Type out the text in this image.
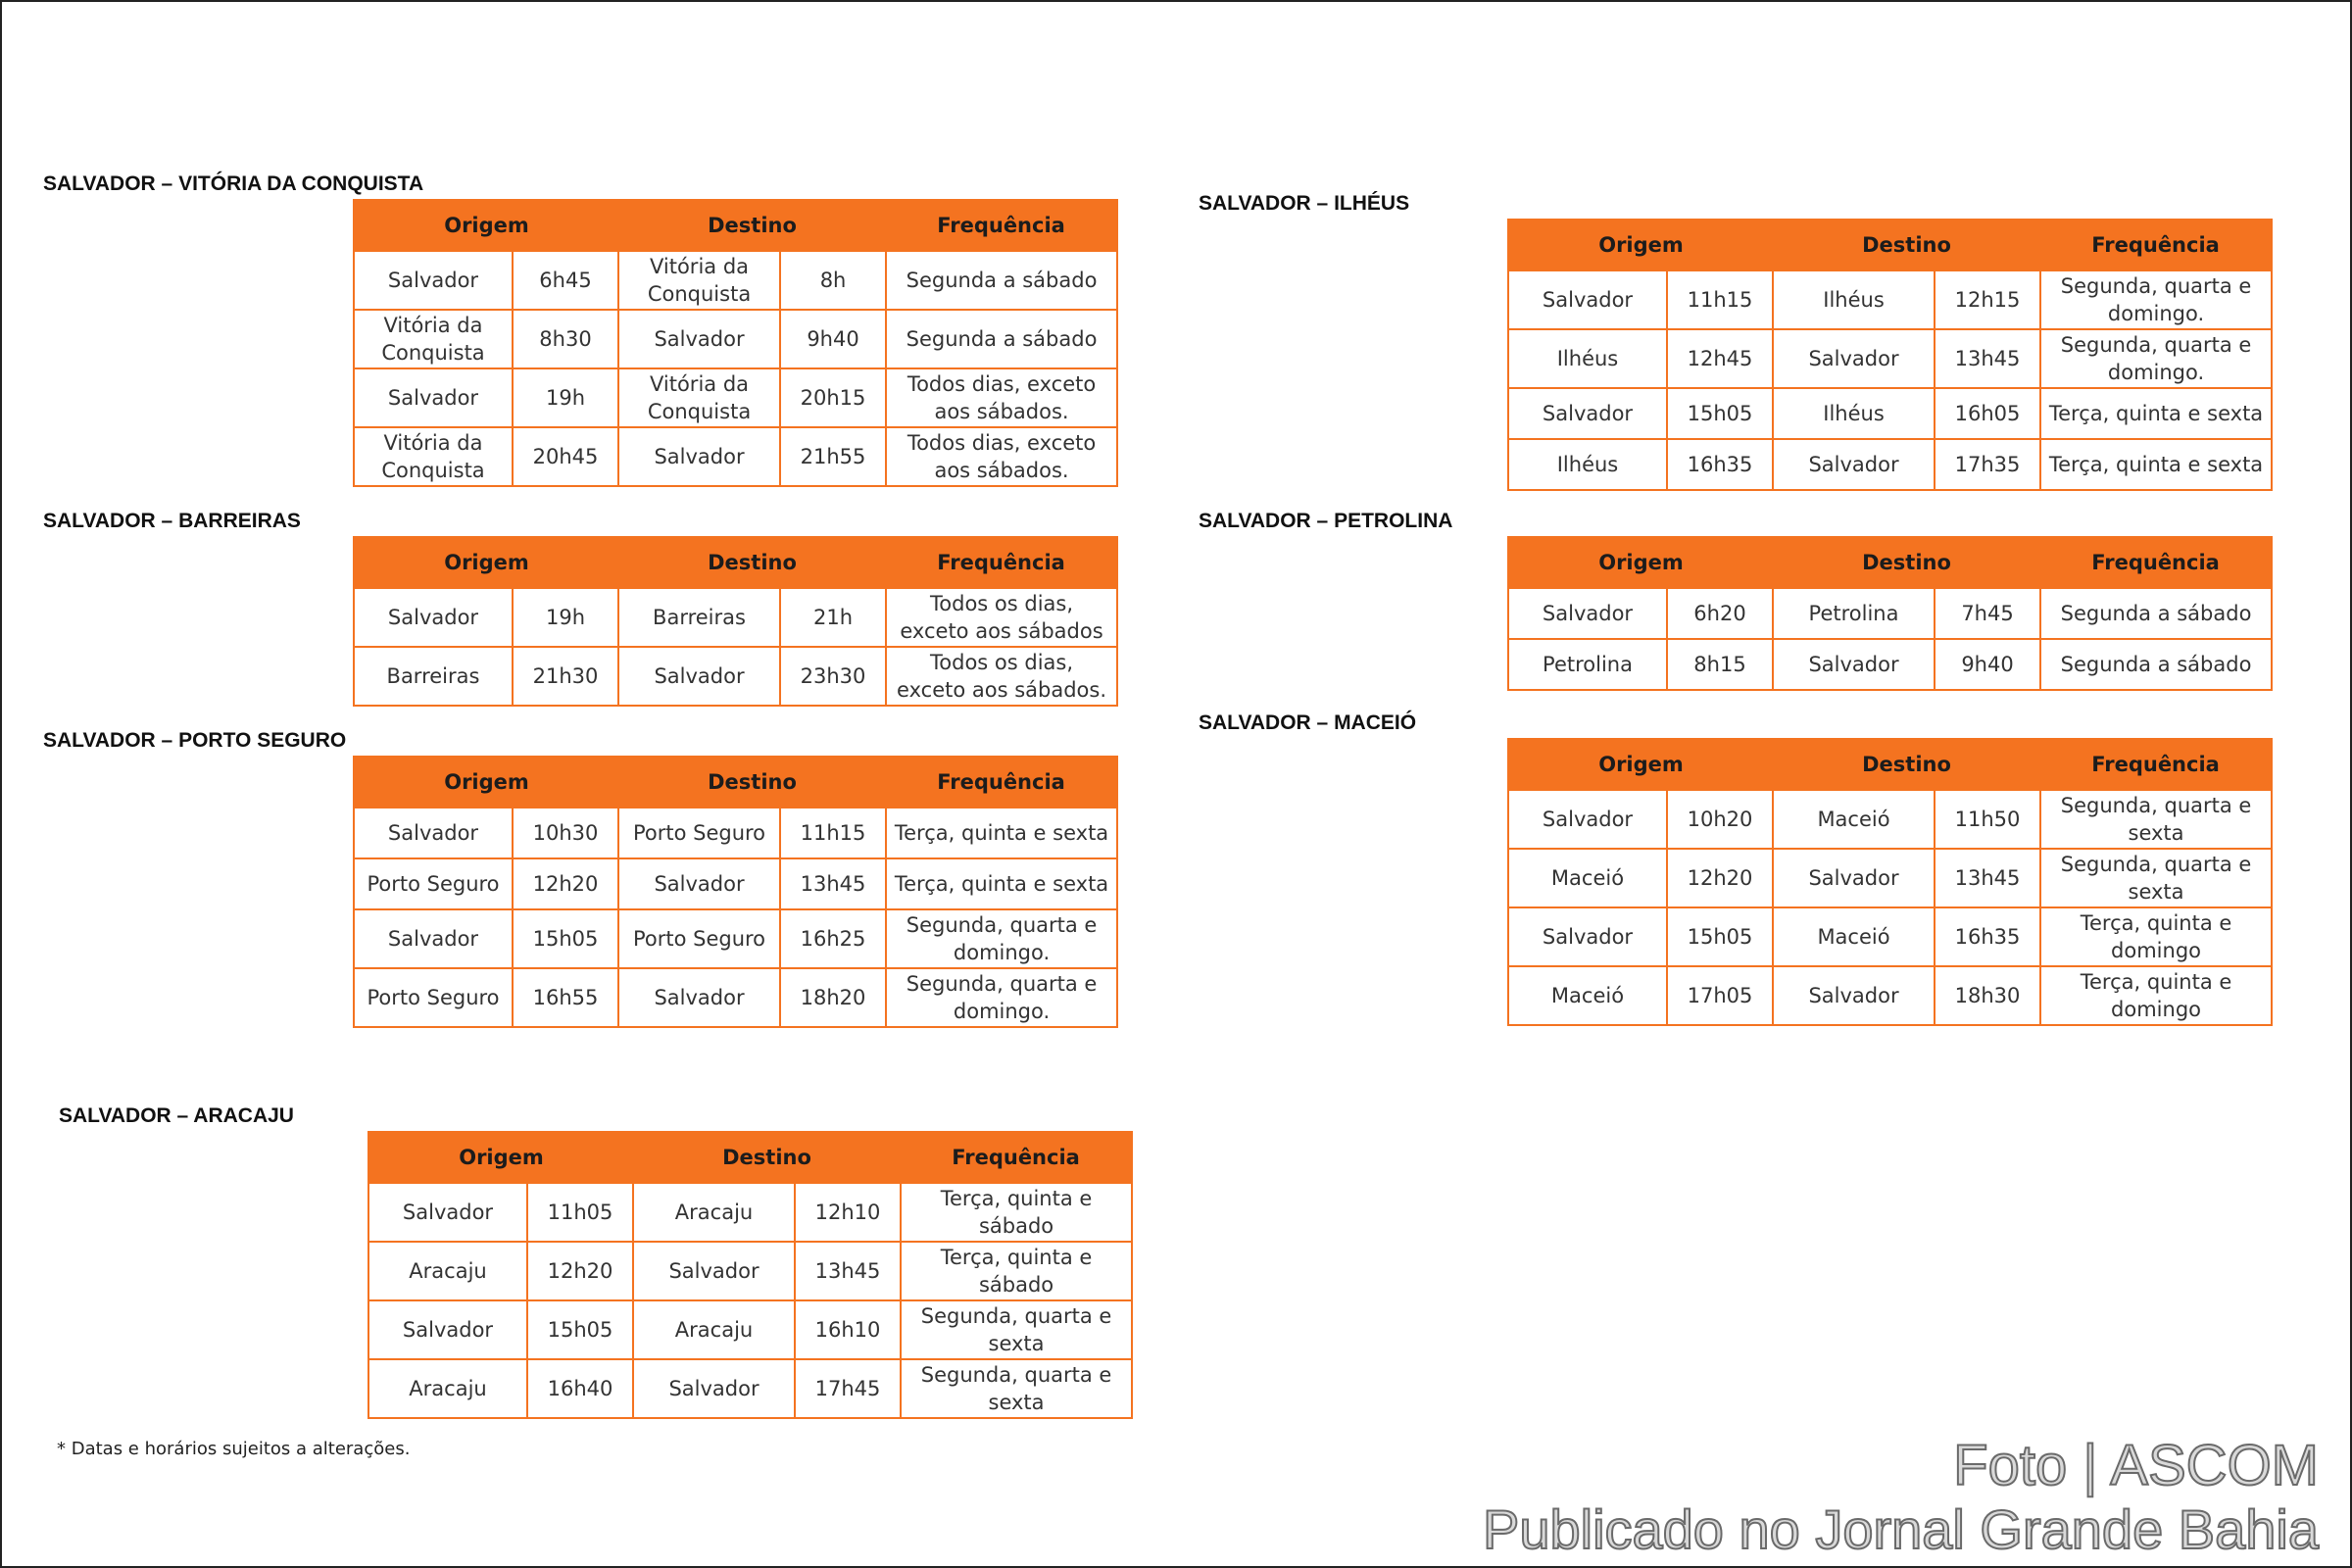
SALVADOR – VITÓRIA DA CONQUISTA
Origem		Destino		Frequência
Salvador	6h45	Vitória da Conquista	8h	Segunda a sábado
Vitória da Conquista	8h30	Salvador	9h40	Segunda a sábado
Salvador	19h	Vitória da Conquista	20h15	Todos dias, exceto aos sábados.
Vitória da Conquista	20h45	Salvador	21h55	Todos dias, exceto aos sábados.
SALVADOR – BARREIRAS
Origem		Destino		Frequência
Salvador	19h	Barreiras	21h	Todos os dias, exceto aos sábados
Barreiras	21h30	Salvador	23h30	Todos os dias, exceto aos sábados.
SALVADOR – PORTO SEGURO
Origem		Destino		Frequência
Salvador	10h30	Porto Seguro	11h15	Terça, quinta e sexta
Porto Seguro	12h20	Salvador	13h45	Terça, quinta e sexta
Salvador	15h05	Porto Seguro	16h25	Segunda, quarta e domingo.
Porto Seguro	16h55	Salvador	18h20	Segunda, quarta e domingo.
SALVADOR – ARACAJU
Origem		Destino		Frequência
Salvador	11h05	Aracaju	12h10	Terça, quinta e sábado
Aracaju	12h20	Salvador	13h45	Terça, quinta e sábado
Salvador	15h05	Aracaju	16h10	Segunda, quarta e sexta
Aracaju	16h40	Salvador	17h45	Segunda, quarta e sexta
SALVADOR – ILHÉUS
Origem		Destino		Frequência
Salvador	11h15	Ilhéus	12h15	Segunda, quarta e domingo.
Ilhéus	12h45	Salvador	13h45	Segunda, quarta e domingo.
Salvador	15h05	Ilhéus	16h05	Terça, quinta e sexta
Ilhéus	16h35	Salvador	17h35	Terça, quinta e sexta
SALVADOR – PETROLINA
Origem		Destino		Frequência
Salvador	6h20	Petrolina	7h45	Segunda a sábado
Petrolina	8h15	Salvador	9h40	Segunda a sábado
SALVADOR – MACEIÓ
Origem		Destino		Frequência
Salvador	10h20	Maceió	11h50	Segunda, quarta e sexta
Maceió	12h20	Salvador	13h45	Segunda, quarta e sexta
Salvador	15h05	Maceió	16h35	Terça, quinta e domingo
Maceió	17h05	Salvador	18h30	Terça, quinta e domingo
* Datas e horários sujeitos a alterações.	Foto | ASCOM
Publicado no Jornal Grande Bahia
